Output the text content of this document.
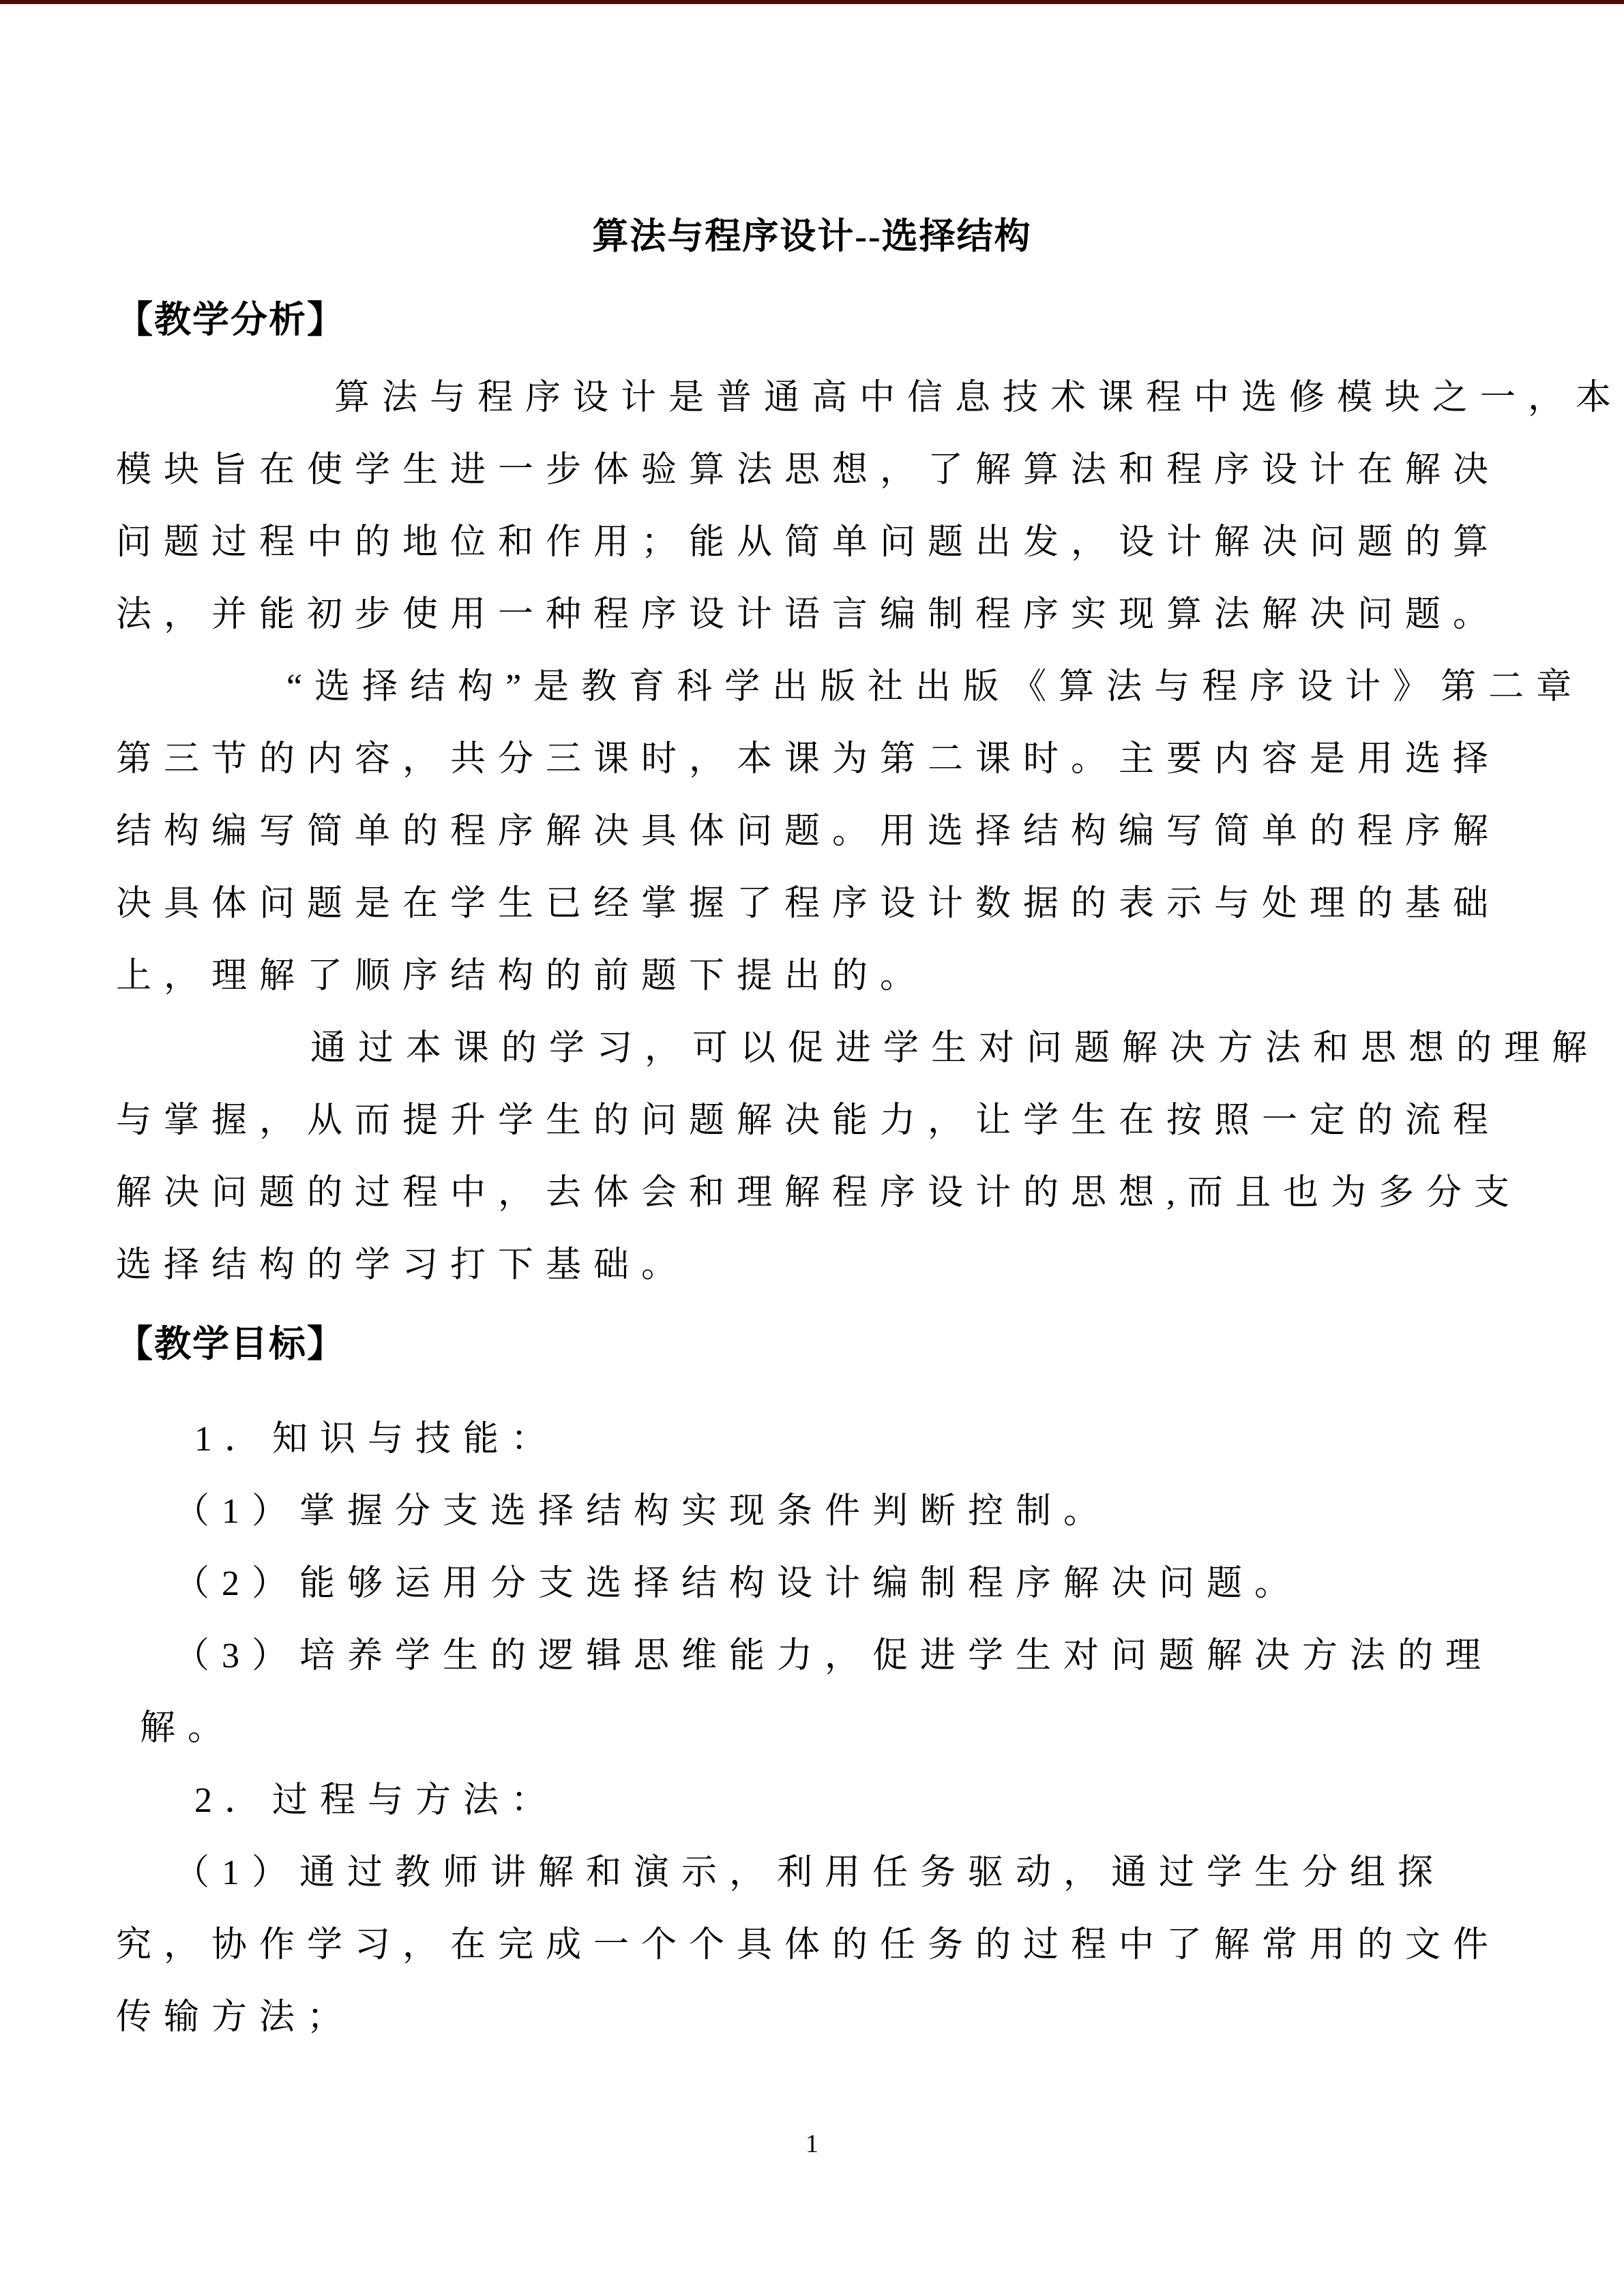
算法与程序设计--选择结构
【教学分析】
算法与程序设计是普通高中信息技术课程中选修模块之一，本
模块旨在使学生进一步体验算法思想，了解算法和程序设计在解决
问题过程中的地位和作用；能从简单问题出发，设计解决问题的算
法，并能初步使用一种程序设计语言编制程序实现算法解决问题。
“选择结构”是教育科学出版社出版《算法与程序设计》第二章
第三节的内容，共分三课时，本课为第二课时。主要内容是用选择
结构编写简单的程序解决具体问题。用选择结构编写简单的程序解
决具体问题是在学生已经掌握了程序设计数据的表示与处理的基础
上，理解了顺序结构的前题下提出的。
通过本课的学习，可以促进学生对问题解决方法和思想的理解
与掌握，从而提升学生的问题解决能力，让学生在按照一定的流程
解决问题的过程中，去体会和理解程序设计的思想,而且也为多分支
选择结构的学习打下基础。
【教学目标】
1．知识与技能：
（1）掌握分支选择结构实现条件判断控制。
（2）能够运用分支选择结构设计编制程序解决问题。
（3）培养学生的逻辑思维能力，促进学生对问题解决方法的理
解。
2．过程与方法：
（1）通过教师讲解和演示，利用任务驱动，通过学生分组探
究，协作学习，在完成一个个具体的任务的过程中了解常用的文件
传输方法；
1
